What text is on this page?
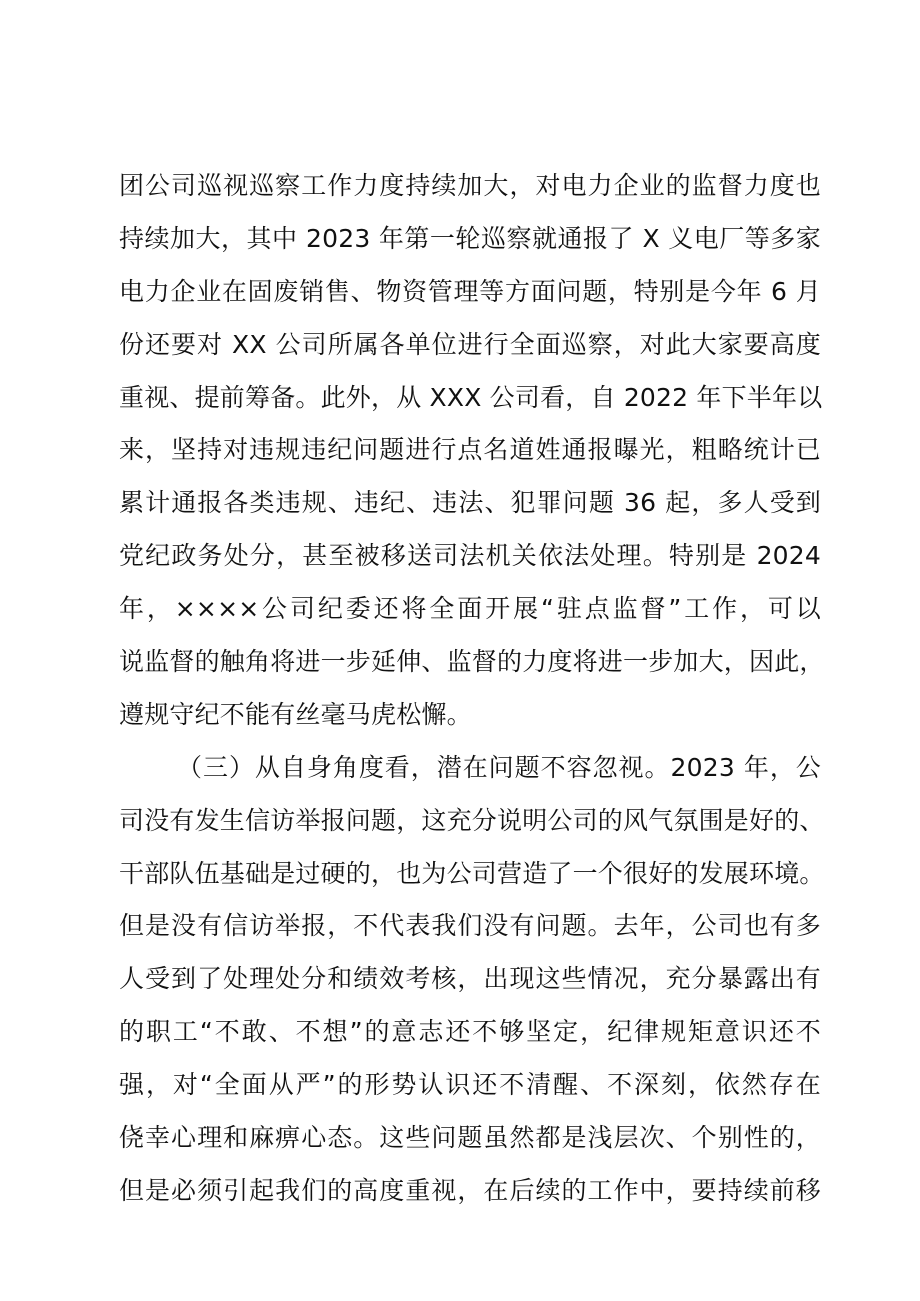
团公司巡视巡察工作力度持续加大，对电力企业的监督力度也
持续加大，其中 2023 年第一轮巡察就通报了 X 义电厂等多家
电力企业在固废销售、物资管理等方面问题，特别是今年 6 月
份还要对 XX 公司所属各单位进行全面巡察，对此大家要高度
重视、提前筹备。此外，从 XXX 公司看，自 2022 年下半年以
来，坚持对违规违纪问题进行点名道姓通报曝光，粗略统计已
累计通报各类违规、违纪、违法、犯罪问题 36 起，多人受到
党纪政务处分，甚至被移送司法机关依法处理。特别是 2024
年，××××公司纪委还将全面开展“驻点监督”工作，可以
说监督的触角将进一步延伸、监督的力度将进一步加大，因此，
遵规守纪不能有丝毫马虎松懈。
（三）从自身角度看，潜在问题不容忽视。2023 年，公
司没有发生信访举报问题，这充分说明公司的风气氛围是好的、
干部队伍基础是过硬的，也为公司营造了一个很好的发展环境。
但是没有信访举报，不代表我们没有问题。去年，公司也有多
人受到了处理处分和绩效考核，出现这些情况，充分暴露出有
的职工“不敢、不想”的意志还不够坚定，纪律规矩意识还不
强，对“全面从严”的形势认识还不清醒、不深刻，依然存在
侥幸心理和麻痹心态。这些问题虽然都是浅层次、个别性的，
但是必须引起我们的高度重视，在后续的工作中，要持续前移
